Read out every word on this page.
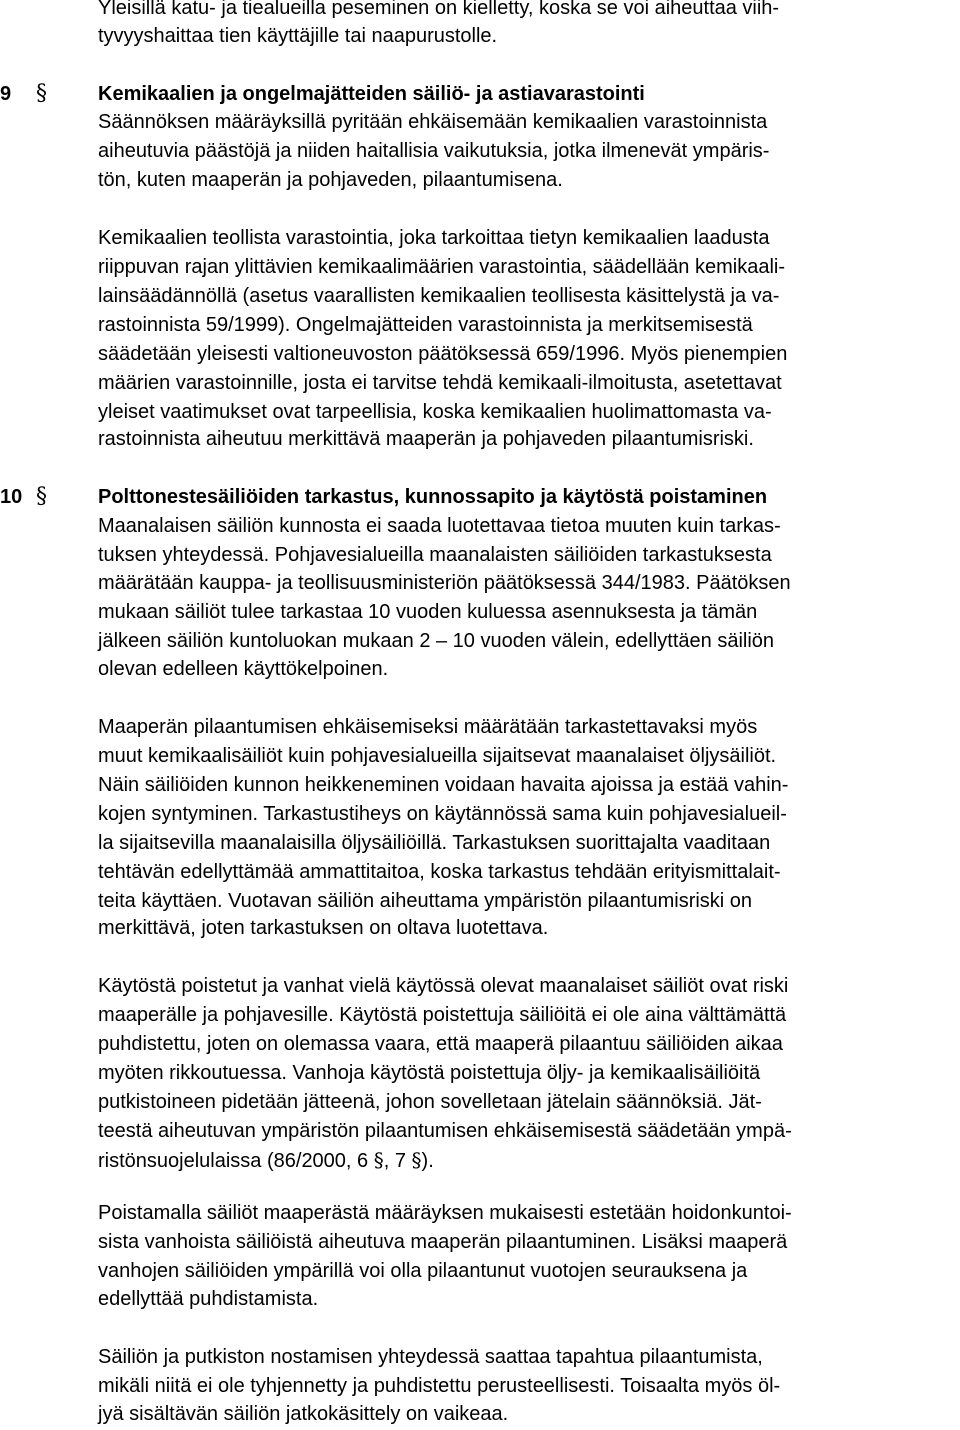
Yleisillä katu- ja tiealueilla peseminen on kielletty, koska se voi aiheuttaa viih-
tyvyyshaittaa tien käyttäjille tai naapurustolle.
9 §	Kemikaalien ja ongelmajätteiden säiliö- ja astiavarastointi
Säännöksen määräyksillä pyritään ehkäisemään kemikaalien varastoinnista
aiheutuvia päästöjä ja niiden haitallisia vaikutuksia, jotka ilmenevät ympäris-
tön, kuten maaperän ja pohjaveden, pilaantumisena.
Kemikaalien teollista varastointia, joka tarkoittaa tietyn kemikaalien laadusta
riippuvan rajan ylittävien kemikaalimäärien varastointia, säädellään kemikaali-
lainsäädännöllä (asetus vaarallisten kemikaalien teollisesta käsittelystä ja va-
rastoinnista 59/1999). Ongelmajätteiden varastoinnista ja merkitsemisestä
säädetään yleisesti valtioneuvoston päätöksessä 659/1996. Myös pienempien
määrien varastoinnille, josta ei tarvitse tehdä kemikaali-ilmoitusta, asetettavat
yleiset vaatimukset ovat tarpeellisia, koska kemikaalien huolimattomasta va-
rastoinnista aiheutuu merkittävä maaperän ja pohjaveden pilaantumisriski.
10 §	Polttonestesäiliöiden tarkastus, kunnossapito ja käytöstä poistaminen
Maanalaisen säiliön kunnosta ei saada luotettavaa tietoa muuten kuin tarkas-
tuksen yhteydessä. Pohjavesialueilla maanalaisten säiliöiden tarkastuksesta
määrätään kauppa- ja teollisuusministeriön päätöksessä 344/1983. Päätöksen
mukaan säiliöt tulee tarkastaa 10 vuoden kuluessa asennuksesta ja tämän
jälkeen säiliön kuntoluokan mukaan 2 – 10 vuoden välein, edellyttäen säiliön
olevan edelleen käyttökelpoinen.
Maaperän pilaantumisen ehkäisemiseksi määrätään tarkastettavaksi myös
muut kemikaalisäiliöt kuin pohjavesialueilla sijaitsevat maanalaiset öljysäiliöt.
Näin säiliöiden kunnon heikkeneminen voidaan havaita ajoissa ja estää vahin-
kojen syntyminen. Tarkastustiheys on käytännössä sama kuin pohjavesialueil-
la sijaitsevilla maanalaisilla öljysäiliöillä. Tarkastuksen suorittajalta vaaditaan
tehtävän edellyttämää ammattitaitoa, koska tarkastus tehdään erityismittalait-
teita käyttäen. Vuotavan säiliön aiheuttama ympäristön pilaantumisriski on
merkittävä, joten tarkastuksen on oltava luotettava.
Käytöstä poistetut ja vanhat vielä käytössä olevat maanalaiset säiliöt ovat riski
maaperälle ja pohjavesille. Käytöstä poistettuja säiliöitä ei ole aina välttämättä
puhdistettu, joten on olemassa vaara, että maaperä pilaantuu säiliöiden aikaa
myöten rikkoutuessa. Vanhoja käytöstä poistettuja öljy- ja kemikaalisäiliöitä
putkistoineen pidetään jätteenä, johon sovelletaan jätelain säännöksiä. Jät-
teestä aiheutuvan ympäristön pilaantumisen ehkäisemisestä säädetään ympä-
ristönsuojelulaissa (86/2000, 6 §, 7 §).
Poistamalla säiliöt maaperästä määräyksen mukaisesti estetään hoidonkuntoi-
sista vanhoista säiliöistä aiheutuva maaperän pilaantuminen. Lisäksi maaperä
vanhojen säiliöiden ympärillä voi olla pilaantunut vuotojen seurauksena ja
edellyttää puhdistamista.
Säiliön ja putkiston nostamisen yhteydessä saattaa tapahtua pilaantumista,
mikäli niitä ei ole tyhjennetty ja puhdistettu perusteellisesti. Toisaalta myös öl-
jyä sisältävän säiliön jatkokäsittely on vaikeaa.
